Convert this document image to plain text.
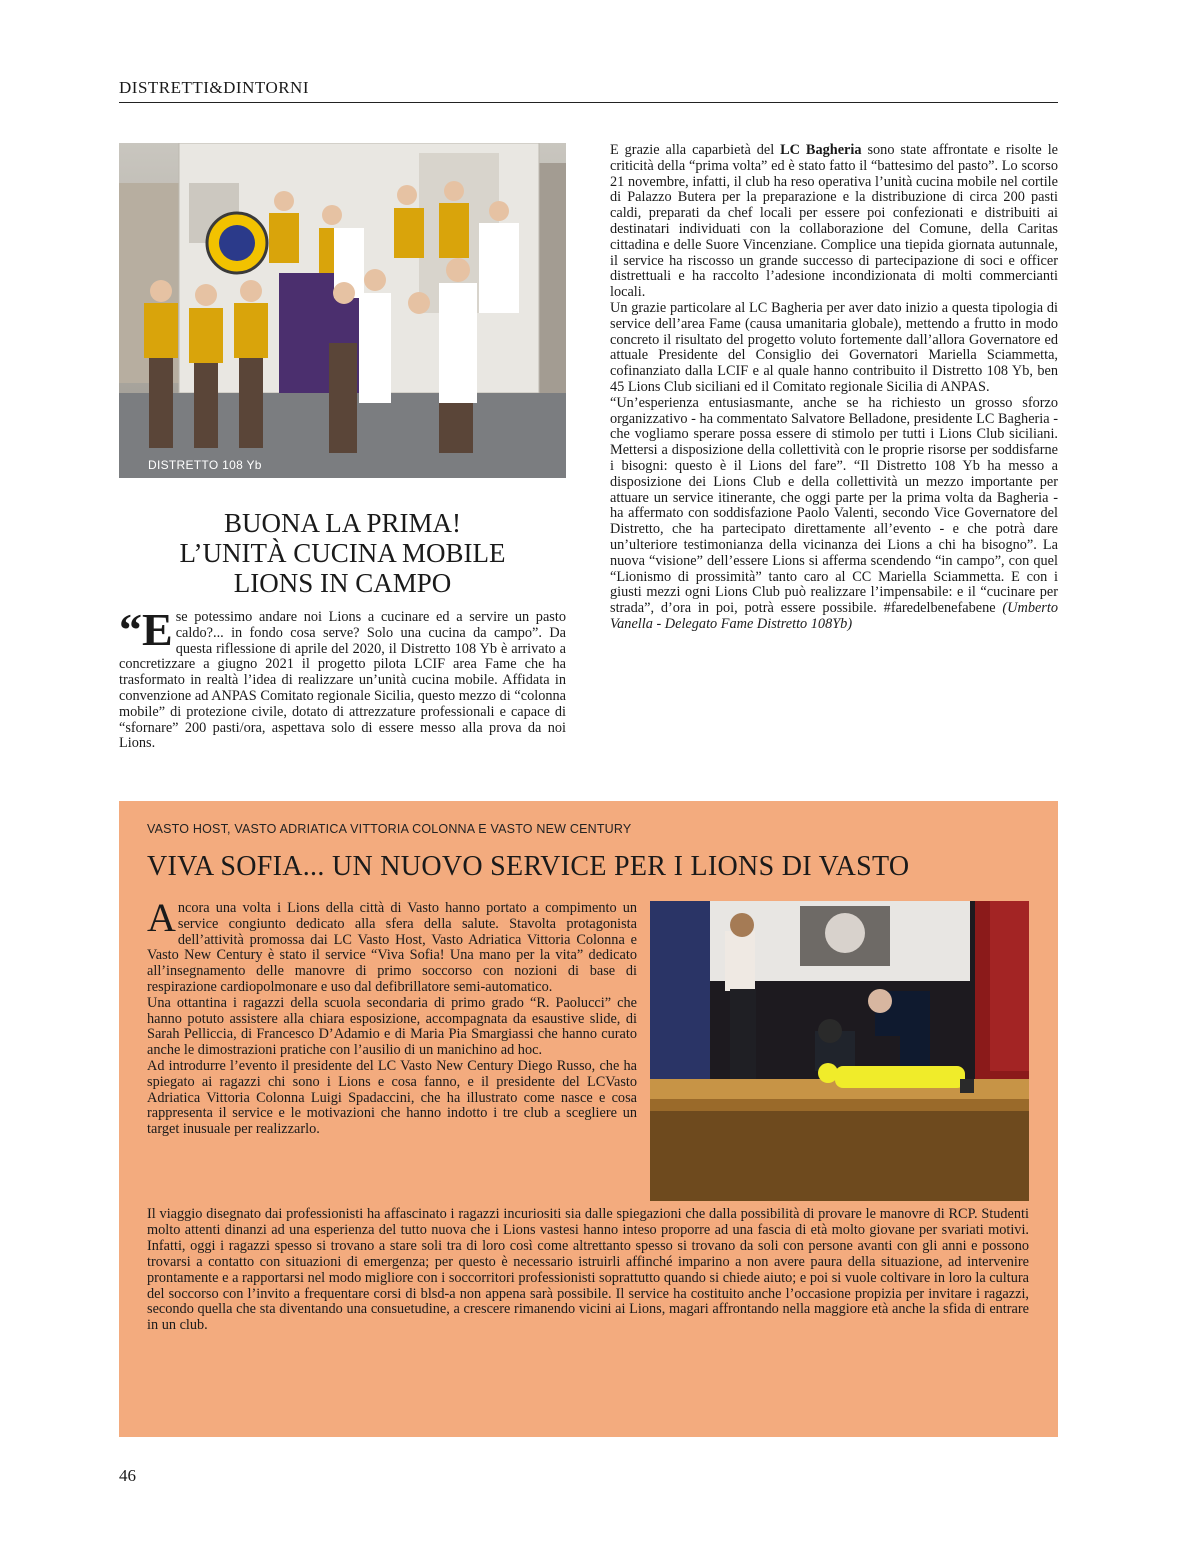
DISTRETTI&DINTORNI
DISTRETTO 108 Yb
BUONA LA PRIMA!
L’UNITÀ CUCINA MOBILE
LIONS IN CAMPO

“E se potessimo andare noi Lions a cucinare ed a servire un pasto caldo?... in fondo cosa serve? Solo una cucina da campo”. Da questa riflessione di aprile del 2020, il Distretto 108 Yb è arrivato a concretizzare a giugno 2021 il progetto pilota LCIF area Fame che ha trasformato in realtà l’idea di realizzare un’unità cucina mobile. Affidata in convenzione ad ANPAS Comitato regionale Sicilia, questo mezzo di “colonna mobile” di protezione civile, dotato di attrezzature professionali e capace di “sfornare” 200 pasti/ora, aspettava solo di essere messo alla prova da noi Lions.

E grazie alla caparbietà del LC Bagheria sono state affrontate e risolte le criticità della “prima volta” ed è stato fatto il “battesimo del pasto”. Lo scorso 21 novembre, infatti, il club ha reso operativa l’unità cucina mobile nel cortile di Palazzo Butera per la preparazione e la distribuzione di circa 200 pasti caldi, preparati da chef locali per essere poi confezionati e distribuiti ai destinatari individuati con la collaborazione del Comune, della Caritas cittadina e delle Suore Vincenziane. Complice una tiepida giornata autunnale, il service ha riscosso un grande successo di partecipazione di soci e officer distrettuali e ha raccolto l’adesione incondizionata di molti commercianti locali.

Un grazie particolare al LC Bagheria per aver dato inizio a questa tipologia di service dell’area Fame (causa umanitaria globale), mettendo a frutto in modo concreto il risultato del progetto voluto fortemente dall’allora Governatore ed attuale Presidente del Consiglio dei Governatori Mariella Sciammetta, cofinanziato dalla LCIF e al quale hanno contribuito il Distretto 108 Yb, ben 45 Lions Club siciliani ed il Comitato regionale Sicilia di ANPAS.

“Un’esperienza entusiasmante, anche se ha richiesto un grosso sforzo organizzativo - ha commentato Salvatore Belladone, presidente LC Bagheria - che vogliamo sperare possa essere di stimolo per tutti i Lions Club siciliani. Mettersi a disposizione della collettività con le proprie risorse per soddisfarne i bisogni: questo è il Lions del fare”. “Il Distretto 108 Yb ha messo a disposizione dei Lions Club e della collettività un mezzo importante per attuare un service itinerante, che oggi parte per la prima volta da Bagheria - ha affermato con soddisfazione Paolo Valenti, secondo Vice Governatore del Distretto, che ha partecipato direttamente all’evento - e che potrà dare un’ulteriore testimonianza della vicinanza dei Lions a chi ha bisogno”. La nuova “visione” dell’essere Lions si afferma scendendo “in campo”, con quel “Lionismo di prossimità” tanto caro al CC Mariella Sciammetta. E con i giusti mezzi ogni Lions Club può realizzare l’impensabile: e il “cucinare per strada”, d’ora in poi, potrà essere possibile. #faredelbenefabene (Umberto Vanella - Delegato Fame Distretto 108Yb)

VASTO HOST, VASTO ADRIATICA VITTORIA COLONNA E VASTO NEW CENTURY
VIVA SOFIA... UN NUOVO SERVICE PER I LIONS DI VASTO

Ancora una volta i Lions della città di Vasto hanno portato a compimento un service congiunto dedicato alla sfera della salute. Stavolta protagonista dell’attività promossa dai LC Vasto Host, Vasto Adriatica Vittoria Colonna e Vasto New Century è stato il service “Viva Sofia! Una mano per la vita” dedicato all’insegnamento delle manovre di primo soccorso con nozioni di base di respirazione cardiopolmonare e uso dal defibrillatore semi-automatico.

Una ottantina i ragazzi della scuola secondaria di primo grado “R. Paolucci” che hanno potuto assistere alla chiara esposizione, accompagnata da esaustive slide, di Sarah Pelliccia, di Francesco D’Adamio e di Maria Pia Smargiassi che hanno curato anche le dimostrazioni pratiche con l’ausilio di un manichino ad hoc.

Ad introdurre l’evento il presidente del LC Vasto New Century Diego Russo, che ha spiegato ai ragazzi chi sono i Lions e cosa fanno, e il presidente del LCVasto Adriatica Vittoria Colonna Luigi Spadaccini, che ha illustrato come nasce e cosa rappresenta il service e le motivazioni che hanno indotto i tre club a scegliere un target inusuale per realizzarlo.

Il viaggio disegnato dai professionisti ha affascinato i ragazzi incuriositi sia dalle spiegazioni che dalla possibilità di provare le manovre di RCP. Studenti molto attenti dinanzi ad una esperienza del tutto nuova che i Lions vastesi hanno inteso proporre ad una fascia di età molto giovane per svariati motivi. Infatti, oggi i ragazzi spesso si trovano a stare soli tra di loro così come altrettanto spesso si trovano da soli con persone avanti con gli anni e possono trovarsi a contatto con situazioni di emergenza; per questo è necessario istruirli affinché imparino a non avere paura della situazione, ad intervenire prontamente e a rapportarsi nel modo migliore con i soccorritori professionisti soprattutto quando si chiede aiuto; e poi si vuole coltivare in loro la cultura del soccorso con l’invito a frequentare corsi di blsd-a non appena sarà possibile. Il service ha costituito anche l’occasione propizia per invitare i ragazzi, secondo quella che sta diventando una consuetudine, a crescere rimanendo vicini ai Lions, magari affrontando nella maggiore età anche la sfida di entrare in un club.

46
